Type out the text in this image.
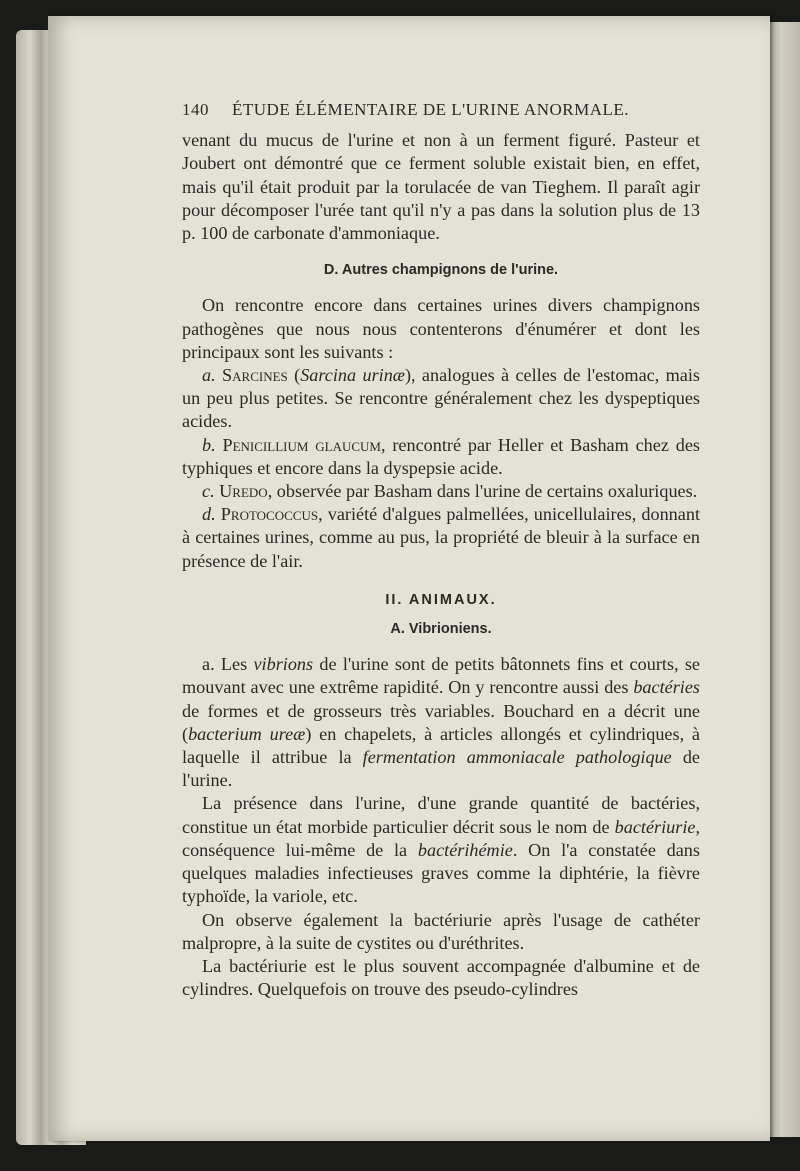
140 ÉTUDE ÉLÉMENTAIRE DE L'URINE ANORMALE.

venant du mucus de l'urine et non à un ferment figuré. Pasteur et Joubert ont démontré que ce ferment soluble existait bien, en effet, mais qu'il était produit par la torulacée de van Tieghem. Il paraît agir pour décomposer l'urée tant qu'il n'y a pas dans la solution plus de 13 p. 100 de carbonate d'ammoniaque.

D. Autres champignons de l'urine.

On rencontre encore dans certaines urines divers champignons pathogènes que nous nous contenterons d'énumérer et dont les principaux sont les suivants :

a. Sarcines (Sarcina urinæ), analogues à celles de l'estomac, mais un peu plus petites. Se rencontre généralement chez les dyspeptiques acides.

b. Penicillium glaucum, rencontré par Heller et Basham chez des typhiques et encore dans la dyspepsie acide.

c. Uredo, observée par Basham dans l'urine de certains oxaluriques.

d. Protococcus, variété d'algues palmellées, unicellulaires, donnant à certaines urines, comme au pus, la propriété de bleuir à la surface en présence de l'air.

II. ANIMAUX.
A. Vibrioniens.

a. Les vibrions de l'urine sont de petits bâtonnets fins et courts, se mouvant avec une extrême rapidité. On y rencontre aussi des bactéries de formes et de grosseurs très variables. Bouchard en a décrit une (bacterium ureæ) en chapelets, à articles allongés et cylindriques, à laquelle il attribue la fermentation ammoniacale pathologique de l'urine.

La présence dans l'urine, d'une grande quantité de bactéries, constitue un état morbide particulier décrit sous le nom de bactériurie, conséquence lui-même de la bactérihémie. On l'a constatée dans quelques maladies infectieuses graves comme la diphtérie, la fièvre typhoïde, la variole, etc.

On observe également la bactériurie après l'usage de cathéter malpropre, à la suite de cystites ou d'uréthrites.

La bactériurie est le plus souvent accompagnée d'albumine et de cylindres. Quelquefois on trouve des pseudo-cylindres
